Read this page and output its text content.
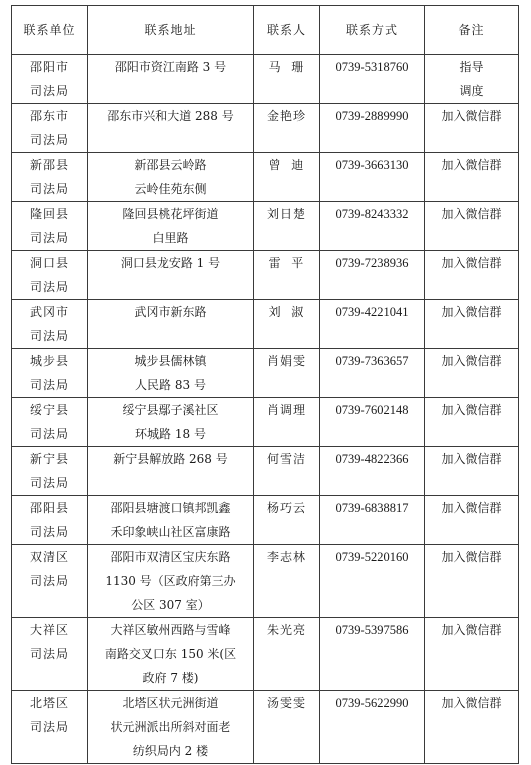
联系单位	联系地址	联系人	联系方式	备注

邵阳市
司法局	邵阳市资江南路 3 号	马  珊	0739-5318760	指导
调度

邵东市
司法局	邵东市兴和大道 288 号	金艳珍	0739-2889990	加入微信群

新邵县
司法局	新邵县云岭路
云岭佳苑东侧	曾  迪	0739-3663130	加入微信群

隆回县
司法局	隆回县桃花坪街道
白里路	刘日楚	0739-8243332	加入微信群

洞口县
司法局	洞口县龙安路 1 号	雷  平	0739-7238936	加入微信群

武冈市
司法局	武冈市新东路	刘  淑	0739-4221041	加入微信群

城步县
司法局	城步县儒林镇
人民路 83 号	肖娟雯	0739-7363657	加入微信群

绥宁县
司法局	绥宁县鄢子溪社区
环城路 18 号	肖调理	0739-7602148	加入微信群

新宁县
司法局	新宁县解放路 268 号	何雪洁	0739-4822366	加入微信群

邵阳县
司法局	邵阳县塘渡口镇邦凯鑫
禾印象峡山社区富康路	杨巧云	0739-6838817	加入微信群

双清区
司法局	邵阳市双清区宝庆东路
1130 号（区政府第三办
公区 307 室）	李志林	0739-5220160	加入微信群

大祥区
司法局	大祥区敏州西路与雪峰
南路交叉口东 150 米(区
政府 7 楼)	朱光亮	0739-5397586	加入微信群

北塔区
司法局	北塔区状元洲街道
状元洲派出所斜对面老
纺织局内 2 楼	汤雯雯	0739-5622990	加入微信群
